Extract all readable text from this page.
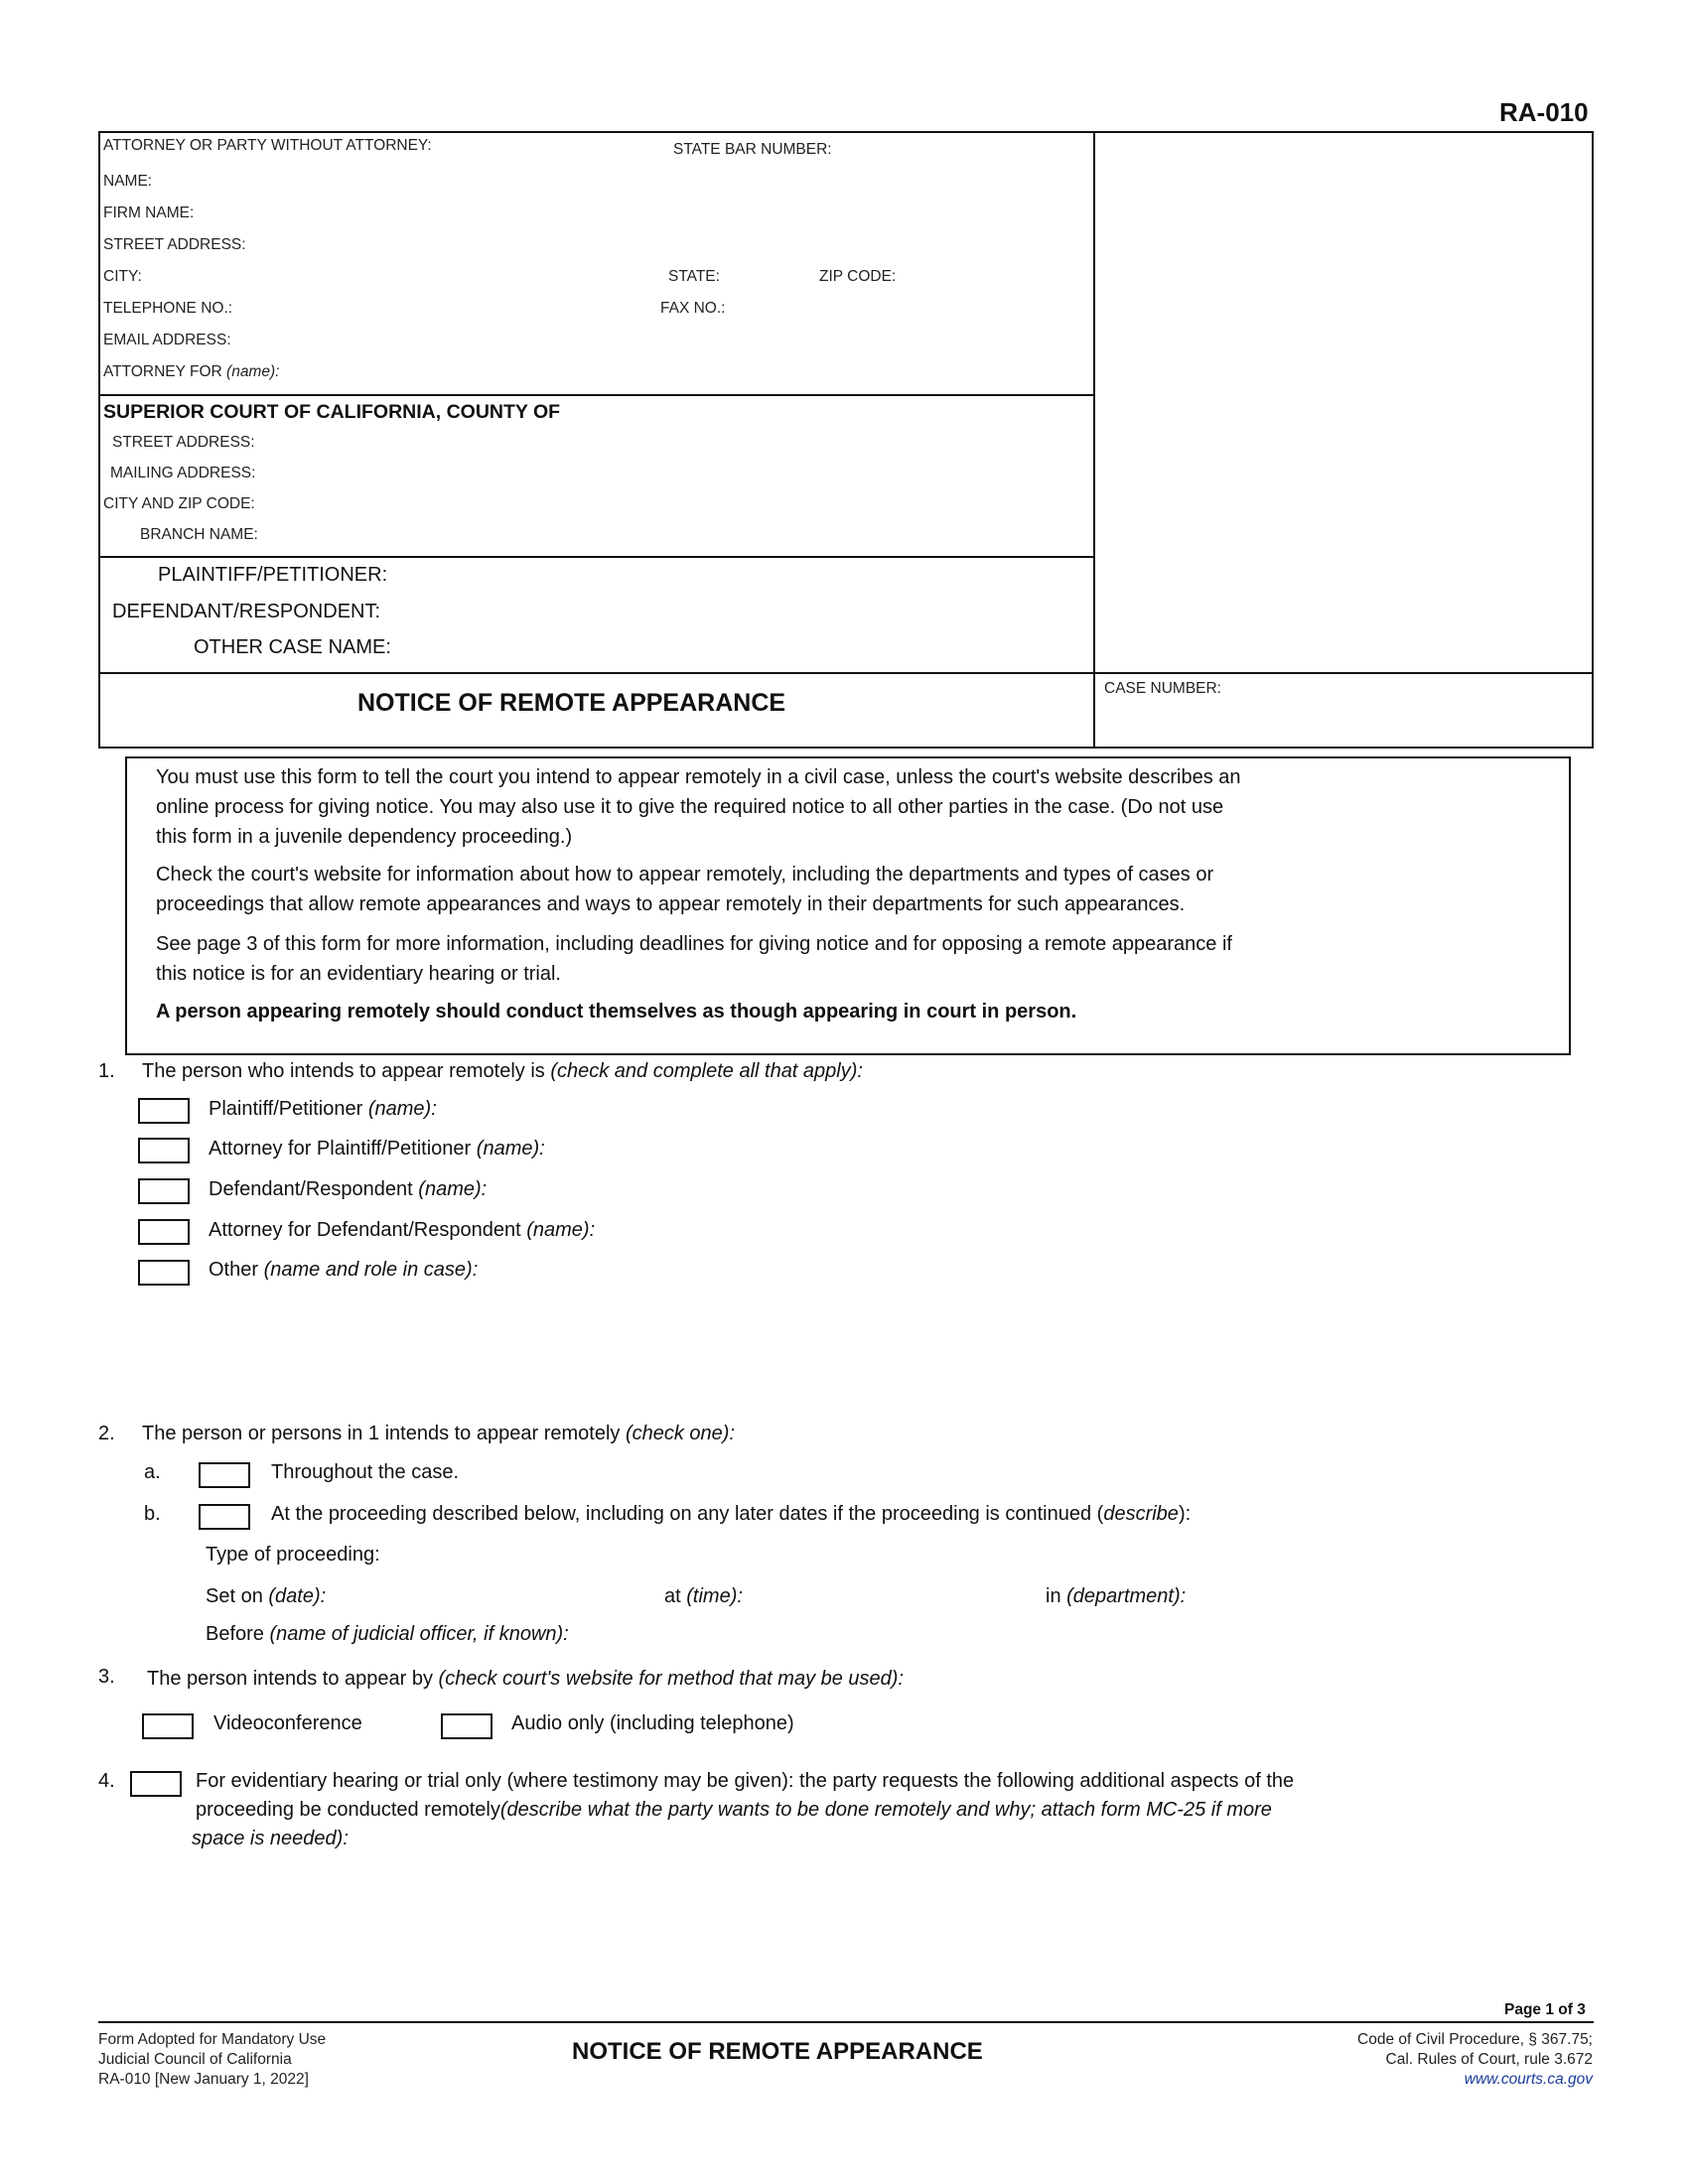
RA-010
ATTORNEY OR PARTY WITHOUT ATTORNEY:	STATE BAR NUMBER:
NAME:
FIRM NAME:
STREET ADDRESS:
CITY:	STATE:	ZIP CODE:
TELEPHONE NO.:	FAX NO.:
EMAIL ADDRESS:
ATTORNEY FOR (name):
SUPERIOR COURT OF CALIFORNIA, COUNTY OF
STREET ADDRESS:
MAILING ADDRESS:
CITY AND ZIP CODE:
BRANCH NAME:
PLAINTIFF/PETITIONER:
DEFENDANT/RESPONDENT:
OTHER CASE NAME:
NOTICE OF REMOTE APPEARANCE
CASE NUMBER:
You must use this form to tell the court you intend to appear remotely in a civil case, unless the court's website describes an
online process for giving notice. You may also use it to give the required notice to all other parties in the case. (Do not use
this form in a juvenile dependency proceeding.)
Check the court's website for information about how to appear remotely, including the departments and types of cases or
proceedings that allow remote appearances and ways to appear remotely in their departments for such appearances.
See page 3 of this form for more information, including deadlines for giving notice and for opposing a remote appearance if
this notice is for an evidentiary hearing or trial.
A person appearing remotely should conduct themselves as though appearing in court in person.
1. The person who intends to appear remotely is (check and complete all that apply):
Plaintiff/Petitioner (name):
Attorney for Plaintiff/Petitioner (name):
Defendant/Respondent (name):
Attorney for Defendant/Respondent (name):
Other (name and role in case):
2. The person or persons in 1 intends to appear remotely (check one):
a.	Throughout the case.
b.	At the proceeding described below, including on any later dates if the proceeding is continued (describe):
Type of proceeding:
Set on (date):	at (time):	in (department):
Before (name of judicial officer, if known):
3. The person intends to appear by (check court's website for method that may be used):
Videoconference	Audio only (including telephone)
4.	For evidentiary hearing or trial only (where testimony may be given): the party requests the following additional aspects of the
proceeding be conducted remotely(describe what the party wants to be done remotely and why; attach form MC-25 if more
space is needed):
Page 1 of 3
Form Adopted for Mandatory Use
Judicial Council of California
RA-010 [New January 1, 2022]
NOTICE OF REMOTE APPEARANCE	Code of Civil Procedure, § 367.75;
Cal. Rules of Court, rule 3.672
www.courts.ca.gov
